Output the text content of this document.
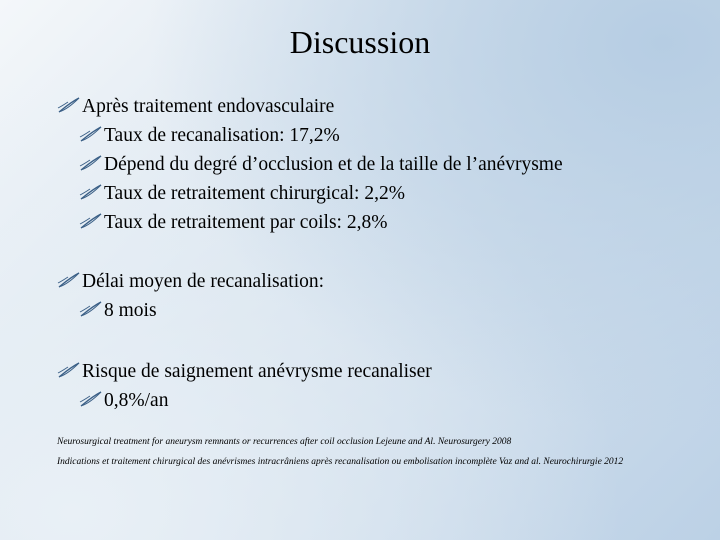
Discussion
Après traitement endovasculaire
Taux de recanalisation: 17,2%
Dépend du degré d’occlusion et de la taille de l’anévrysme
Taux de retraitement chirurgical: 2,2%
Taux de retraitement par coils: 2,8%
Délai moyen de recanalisation:
8 mois
Risque de saignement anévrysme recanaliser
0,8%/an

Neurosurgical treatment for aneurysm remnants or recurrences after coil occlusion Lejeune and Al. Neurosurgery 2008

Indications et traitement chirurgical des anévrismes intracrâniens après recanalisation ou embolisation incomplète Vaz and al. Neurochirurgie 2012
